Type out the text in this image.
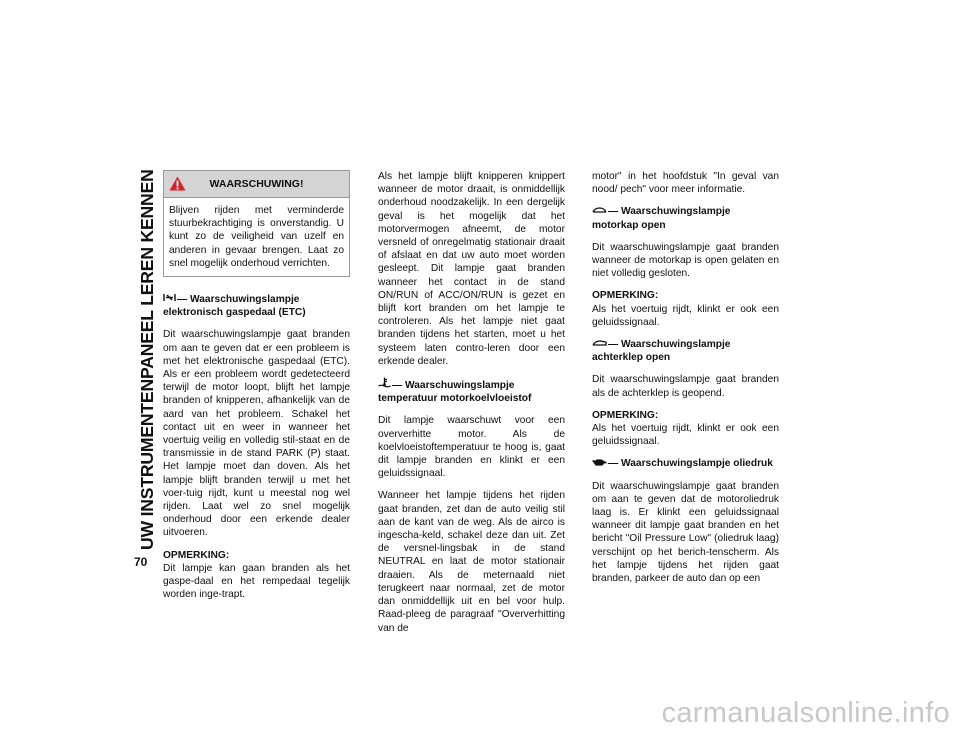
UW INSTRUMENTENPANEEL LEREN KENNEN
70
WAARSCHUWING!
Blijven rijden met verminderde stuurbekrachtiging is onverstandig. U kunt zo de veiligheid van uzelf en anderen in gevaar brengen. Laat zo snel mogelijk onderhoud verrichten.
— Waarschuwingslampje elektronisch gaspedaal (ETC)

Dit waarschuwingslampje gaat branden om aan te geven dat er een probleem is met het elektronische gaspedaal (ETC). Als er een probleem wordt gedetecteerd terwijl de motor loopt, blijft het lampje branden of knipperen, afhankelijk van de aard van het probleem. Schakel het contact uit en weer in wanneer het voertuig veilig en volledig stil-staat en de transmissie in de stand PARK (P) staat. Het lampje moet dan doven. Als het lampje blijft branden terwijl u met het voer-tuig rijdt, kunt u meestal nog wel rijden. Laat wel zo snel mogelijk onderhoud door een erkende dealer uitvoeren.

OPMERKING:
Dit lampje kan gaan branden als het gaspe-daal en het rempedaal tegelijk worden inge-trapt.

Als het lampje blijft knipperen knippert wanneer de motor draait, is onmiddellijk onderhoud noodzakelijk. In een dergelijk geval is het mogelijk dat het motorvermogen afneemt, de motor versneld of onregelmatig stationair draait of afslaat en dat uw auto moet worden gesleept. Dit lampje gaat branden wanneer het contact in de stand ON/RUN of ACC/ON/RUN is gezet en blijft kort branden om het lampje te controleren. Als het lampje niet gaat branden tijdens het starten, moet u het systeem laten contro-leren door een erkende dealer.

— Waarschuwingslampje temperatuur motorkoelvloeistof

Dit lampje waarschuwt voor een oververhitte motor. Als de koelvloeistoftemperatuur te hoog is, gaat dit lampje branden en klinkt er een geluidssignaal.

Wanneer het lampje tijdens het rijden gaat branden, zet dan de auto veilig stil aan de kant van de weg. Als de airco is ingescha-keld, schakel deze dan uit. Zet de versnel-lingsbak in de stand NEUTRAL en laat de motor stationair draaien. Als de meternaald niet terugkeert naar normaal, zet de motor dan onmiddellijk uit en bel voor hulp. Raad-pleeg de paragraaf "Oververhitting van de

motor" in het hoofdstuk "In geval van nood/ pech" voor meer informatie.

— Waarschuwingslampje motorkap open

Dit waarschuwingslampje gaat branden wanneer de motorkap is open gelaten en niet volledig gesloten.

OPMERKING:
Als het voertuig rijdt, klinkt er ook een geluidssignaal.

— Waarschuwingslampje achterklep open

Dit waarschuwingslampje gaat branden als de achterklep is geopend.

OPMERKING:
Als het voertuig rijdt, klinkt er ook een geluidssignaal.

— Waarschuwingslampje oliedruk

Dit waarschuwingslampje gaat branden om aan te geven dat de motoroliedruk laag is. Er klinkt een geluidssignaal wanneer dit lampje gaat branden en het bericht "Oil Pressure Low" (oliedruk laag) verschijnt op het berich-tenscherm. Als het lampje tijdens het rijden gaat branden, parkeer de auto dan op een

carmanualsonline.info
